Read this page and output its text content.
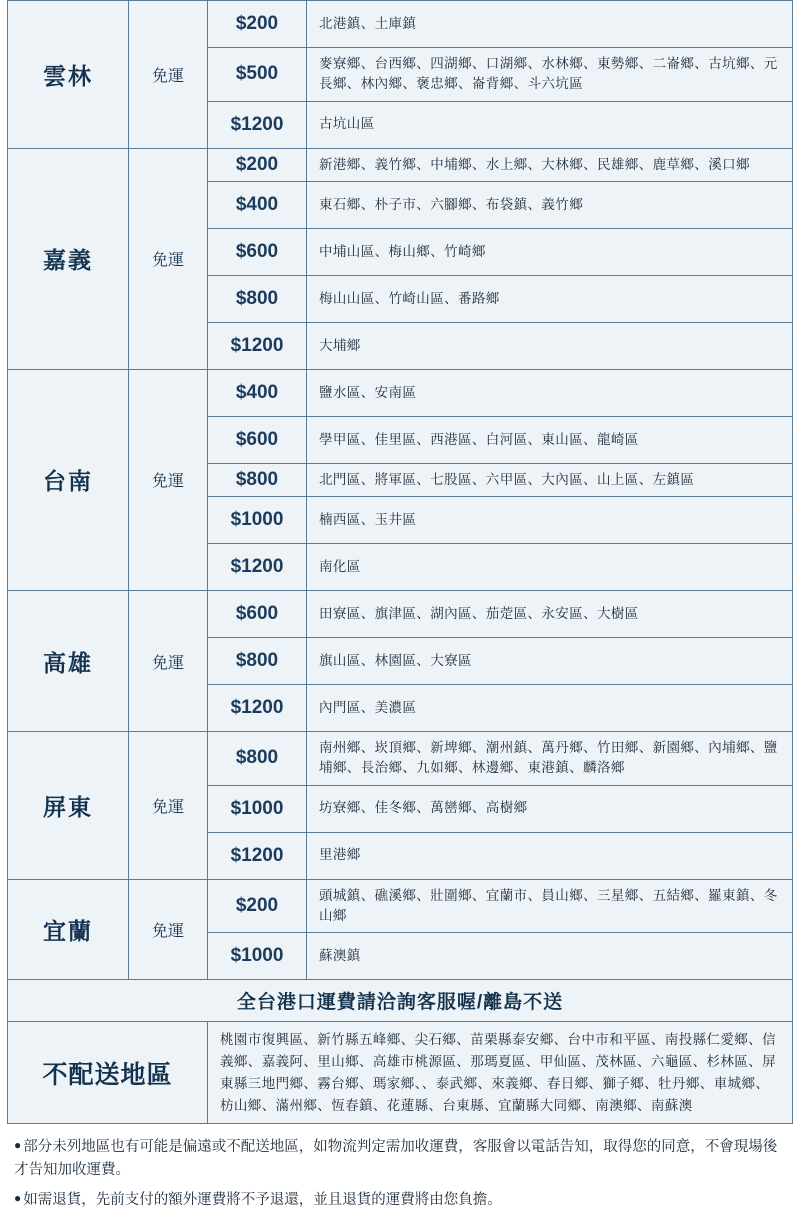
雲林	免運	$200	北港鎮、土庫鎮
		$500	麥寮鄉、台西鄉、四湖鄉、口湖鄉、水林鄉、東勢鄉、二崙鄉、古坑鄉、元長鄉、林內鄉、褒忠鄉、崙背鄉、斗六坑區
		$1200	古坑山區
嘉義	免運	$200	新港鄉、義竹鄉、中埔鄉、水上鄉、大林鄉、民雄鄉、鹿草鄉、溪口鄉
		$400	東石鄉、朴子市、六腳鄉、布袋鎮、義竹鄉
		$600	中埔山區、梅山鄉、竹崎鄉
		$800	梅山山區、竹崎山區、番路鄉
		$1200	大埔鄉
台南	免運	$400	鹽水區、安南區
		$600	學甲區、佳里區、西港區、白河區、東山區、龍崎區
		$800	北門區、將軍區、七股區、六甲區、大內區、山上區、左鎮區
		$1000	楠西區、玉井區
		$1200	南化區
高雄	免運	$600	田寮區、旗津區、湖內區、茄萣區、永安區、大樹區
		$800	旗山區、林園區、大寮區
		$1200	內門區、美濃區
屏東	免運	$800	南州鄉、崁頂鄉、新埤鄉、潮州鎮、萬丹鄉、竹田鄉、新園鄉、內埔鄉、鹽埔鄉、長治鄉、九如鄉、林邊鄉、東港鎮、麟洛鄉
		$1000	坊寮鄉、佳冬鄉、萬巒鄉、高樹鄉
		$1200	里港鄉
宜蘭	免運	$200	頭城鎮、礁溪鄉、壯圍鄉、宜蘭市、員山鄉、三星鄉、五結鄉、羅東鎮、冬山鄉
		$1000	蘇澳鎮
全台港口運費請洽詢客服喔/離島不送			
不配送地區		桃園市復興區、新竹縣五峰鄉、尖石鄉、苗栗縣泰安鄉、台中市和平區、南投縣仁愛鄉、信義鄉、嘉義阿、里山鄉、高雄市桃源區、那瑪夏區、甲仙區、茂林區、六龜區、杉林區、屏東縣三地門鄉、霧台鄉、瑪家鄉、、泰武鄉、來義鄉、春日鄉、獅子鄉、牡丹鄉、車城鄉、枋山鄉、滿州鄉、恆春鎮、花蓮縣、台東縣、宜蘭縣大同鄉、南澳鄉、南蘇澳	

● 部分未列地區也有可能是偏遠或不配送地區，如物流判定需加收運費，客服會以電話告知，取得您的同意，不會現場後才告知加收運費。

● 如需退貨，先前支付的額外運費將不予退還，並且退貨的運費將由您負擔。
